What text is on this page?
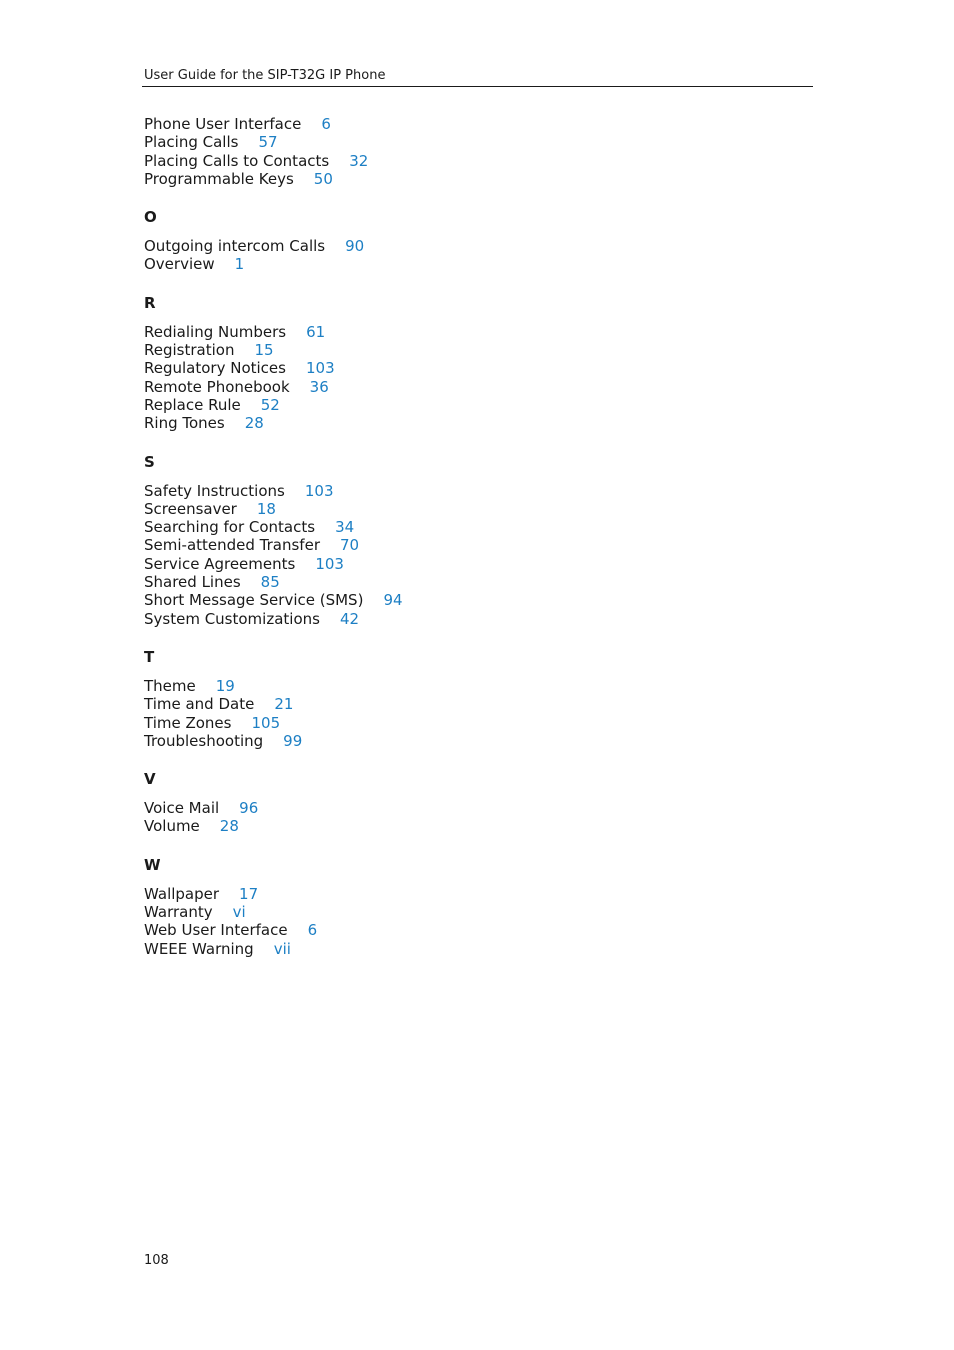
User Guide for the SIP-T32G IP Phone
Phone User Interface 6
Placing Calls 57
Placing Calls to Contacts 32
Programmable Keys 50
O
Outgoing intercom Calls 90
Overview 1
R
Redialing Numbers 61
Registration 15
Regulatory Notices 103
Remote Phonebook 36
Replace Rule 52
Ring Tones 28
S
Safety Instructions 103
Screensaver 18
Searching for Contacts 34
Semi-attended Transfer 70
Service Agreements 103
Shared Lines 85
Short Message Service (SMS) 94
System Customizations 42
T
Theme 19
Time and Date 21
Time Zones 105
Troubleshooting 99
V
Voice Mail 96
Volume 28
W
Wallpaper 17
Warranty vi
Web User Interface 6
WEEE Warning vii
108
